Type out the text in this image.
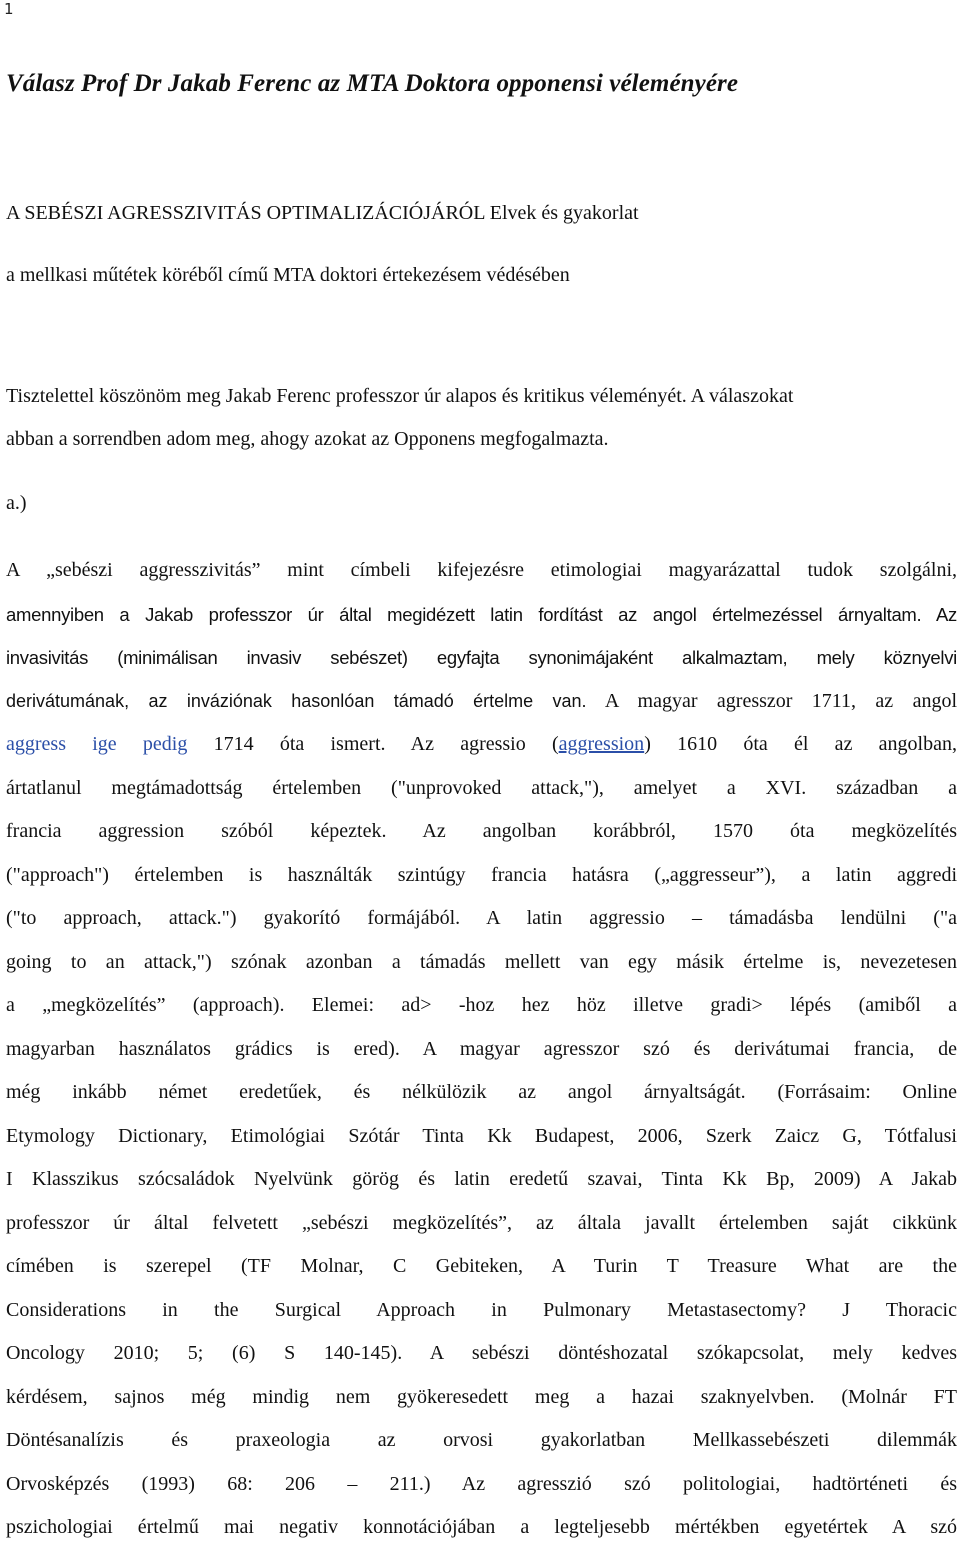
1
Válasz Prof Dr Jakab Ferenc az MTA Doktora opponensi véleményére
A SEBÉSZI AGRESSZIVITÁS OPTIMALIZÁCIÓJÁRÓL Elvek és gyakorlat
a mellkasi műtétek köréből című MTA doktori értekezésem védésében
Tisztelettel köszönöm meg Jakab Ferenc professzor úr alapos és kritikus véleményét. A válaszokat
abban a sorrendben adom meg, ahogy azokat az Opponens megfogalmazta.
a.)
A „sebészi aggresszivitás” mint címbeli kifejezésre etimologiai magyarázattal tudok szolgálni,
amennyiben a Jakab professzor úr által megidézett latin fordítást az angol értelmezéssel árnyaltam. Az
invasivitás (minimálisan invasiv sebészet) egyfajta synonimájaként alkalmaztam, mely köznyelvi
derivátumának, az inváziónak hasonlóan támadó értelme van. A magyar agresszor 1711, az angol
aggress ige pedig 1714 óta ismert. Az agressio (aggression) 1610 óta él az angolban,
ártatlanul megtámadottság értelemben ("unprovoked attack,"), amelyet a XVI. században a
francia aggression szóból képeztek. Az angolban korábbról, 1570 óta megközelítés
("approach") értelemben is használták szintúgy francia hatásra („aggresseur”), a latin aggredi
("to approach, attack.") gyakorító formájából. A latin aggressio – támadásba lendülni ("a
going to an attack,") szónak azonban a támadás mellett van egy másik értelme is, nevezetesen
a „megközelítés” (approach). Elemei: ad> -hoz hez höz illetve gradi> lépés (amiből a
magyarban használatos grádics is ered). A magyar agresszor szó és derivátumai francia, de
még inkább német eredetűek, és nélkülözik az angol árnyaltságát. (Forrásaim: Online
Etymology Dictionary, Etimológiai Szótár Tinta Kk Budapest, 2006, Szerk Zaicz G, Tótfalusi
I Klasszikus szócsaládok Nyelvünk görög és latin eredetű szavai, Tinta Kk Bp, 2009) A Jakab
professzor úr által felvetett „sebészi megközelítés”, az általa javallt értelemben saját cikkünk
címében is szerepel (TF Molnar, C Gebiteken, A Turin T Treasure What are the
Considerations in the Surgical Approach in Pulmonary Metastasectomy? J Thoracic
Oncology 2010; 5; (6) S 140-145). A sebészi döntéshozatal szókapcsolat, mely kedves
kérdésem, sajnos még mindig nem gyökeresedett meg a hazai szaknyelvben. (Molnár FT
Döntésanalízis és praxeologia az orvosi gyakorlatban Mellkassebészeti dilemmák
Orvosképzés (1993) 68: 206 – 211.) Az agresszió szó politologiai, hadtörténeti és
pszichologiai értelmű mai negativ konnotációjában a legteljesebb mértékben egyetértek A szó
